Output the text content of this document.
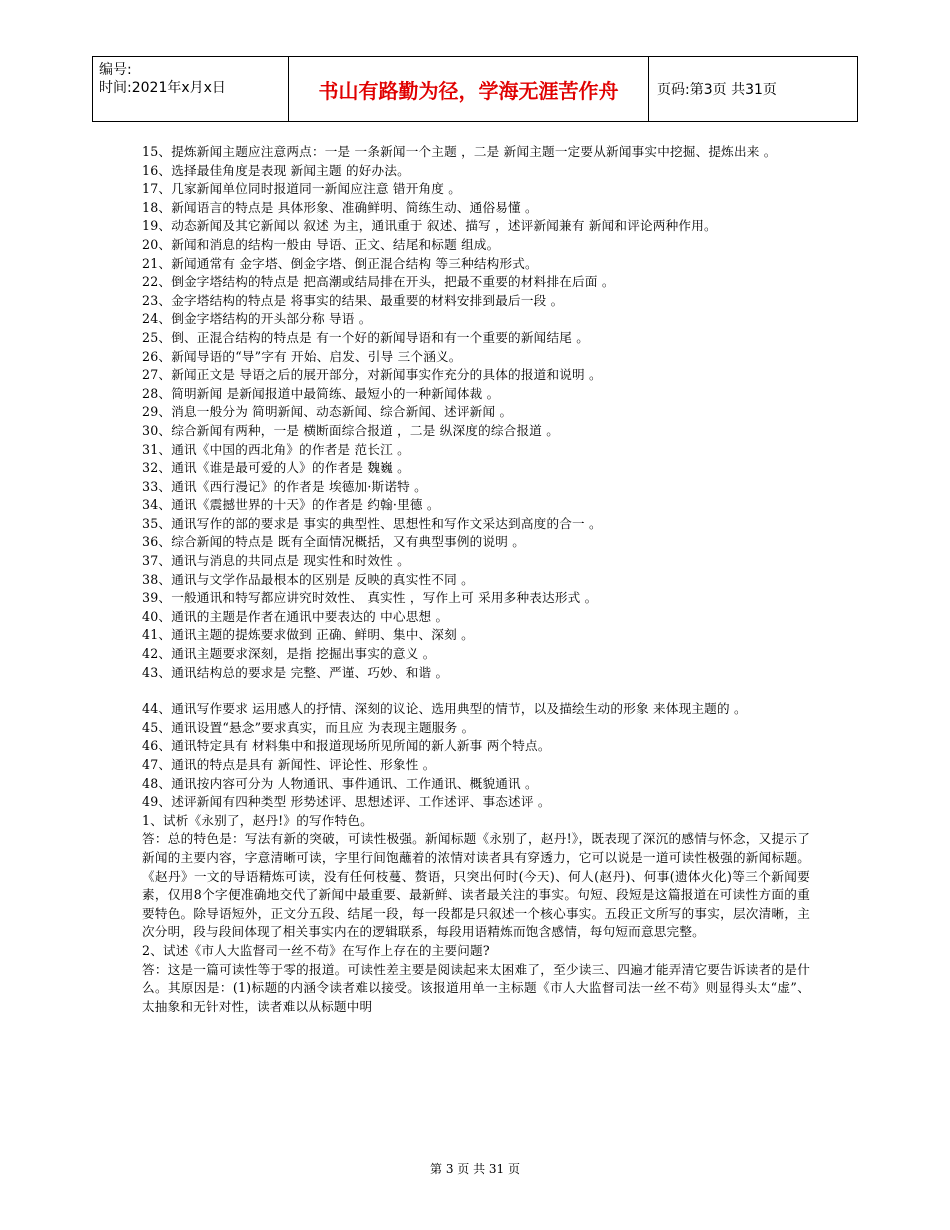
编号:
时间:2021年x月x日	书山有路勤为径，学海无涯苦作舟	页码:第3页 共31页

15、提炼新闻主题应注意两点：一是 一条新闻一个主题 ，二是 新闻主题一定要从新闻事实中挖掘、提炼出来 。

16、选择最佳角度是表现 新闻主题 的好办法。

17、几家新闻单位同时报道同一新闻应注意 错开角度 。

18、新闻语言的特点是 具体形象、准确鲜明、简练生动、通俗易懂 。

19、动态新闻及其它新闻以 叙述 为主，通讯重于 叙述、描写 ，述评新闻兼有 新闻和评论两种作用。

20、新闻和消息的结构一般由 导语、正文、结尾和标题 组成。

21、新闻通常有 金字塔、倒金字塔、倒正混合结构 等三种结构形式。

22、倒金字塔结构的特点是 把高潮或结局排在开头，把最不重要的材料排在后面 。

23、金字塔结构的特点是 将事实的结果、最重要的材料安排到最后一段 。

24、倒金字塔结构的开头部分称 导语 。

25、倒、正混合结构的特点是 有一个好的新闻导语和有一个重要的新闻结尾 。

26、新闻导语的“导”字有 开始、启发、引导 三个涵义。

27、新闻正文是 导语之后的展开部分，对新闻事实作充分的具体的报道和说明 。

28、简明新闻 是新闻报道中最简练、最短小的一种新闻体裁 。

29、消息一般分为 简明新闻、动态新闻、综合新闻、述评新闻 。

30、综合新闻有两种，一是 横断面综合报道 ，二是 纵深度的综合报道 。

31、通讯《中国的西北角》的作者是 范长江 。

32、通讯《谁是最可爱的人》的作者是 魏巍 。

33、通讯《西行漫记》的作者是 埃德加·斯诺特 。

34、通讯《震撼世界的十天》的作者是 约翰·里德 。

35、通讯写作的部的要求是 事实的典型性、思想性和写作文采达到高度的合一 。

36、综合新闻的特点是 既有全面情况概括，又有典型事例的说明 。

37、通讯与消息的共同点是 现实性和时效性 。

38、通讯与文学作品最根本的区别是 反映的真实性不同 。

39、一般通讯和特写都应讲究时效性、 真实性 ，写作上可 采用多种表达形式 。

40、通讯的主题是作者在通讯中要表达的 中心思想 。

41、通讯主题的提炼要求做到 正确、鲜明、集中、深刻 。

42、通讯主题要求深刻，是指 挖掘出事实的意义 。

43、通讯结构总的要求是 完整、严谨、巧妙、和谐 。

44、通讯写作要求 运用感人的抒情、深刻的议论、选用典型的情节，以及描绘生动的形象 来体现主题的 。

45、通讯设置“悬念”要求真实，而且应 为表现主题服务 。

46、通讯特定具有 材料集中和报道现场所见所闻的新人新事 两个特点。

47、通讯的特点是具有 新闻性、评论性、形象性 。

48、通讯按内容可分为 人物通讯、事件通讯、工作通讯、概貌通讯 。

49、述评新闻有四种类型 形势述评、思想述评、工作述评、事态述评 。

1、试析《永别了，赵丹!》的写作特色。

答：总的特色是：写法有新的突破，可读性极强。新闻标题《永别了，赵丹!》，既表现了深沉的感情与怀念，又提示了新闻的主要内容，字意清晰可读，字里行间饱蘸着的浓情对读者具有穿透力，它可以说是一道可读性极强的新闻标题。《赵丹》一文的导语精炼可读，没有任何枝蔓、赘语，只突出何时(今天)、何人(赵丹)、何事(遗体火化)等三个新闻要素，仅用8个字便准确地交代了新闻中最重要、最新鲜、读者最关注的事实。句短、段短是这篇报道在可读性方面的重要特色。除导语短外，正文分五段、结尾一段，每一段都是只叙述一个核心事实。五段正文所写的事实，层次清晰，主次分明，段与段间体现了相关事实内在的逻辑联系，每段用语精炼而饱含感情，每句短而意思完整。

2、试述《市人大监督司一丝不苟》在写作上存在的主要问题?

答：这是一篇可读性等于零的报道。可读性差主要是阅读起来太困难了，至少读三、四遍才能弄清它要告诉读者的是什么。其原因是：(1)标题的内涵令读者难以接受。该报道用单一主标题《市人大监督司法一丝不苟》则显得头太“虚”、太抽象和无针对性，读者难以从标题中明

第 3 页 共 31 页
